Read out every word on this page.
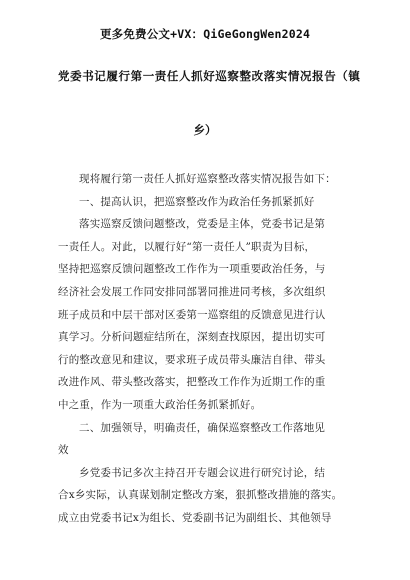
更多免费公文+VX：QiGeGongWen2024
党委书记履行第一责任人抓好巡察整改落实情况报告（镇
乡）
现将履行第一责任人抓好巡察整改落实情况报告如下：
一、提高认识，把巡察整改作为政治任务抓紧抓好
落实巡察反馈问题整改，党委是主体，党委书记是第
一责任人。对此，以履行好“第一责任人”职责为目标，
坚持把巡察反馈问题整改工作作为一项重要政治任务，与
经济社会发展工作同安排同部署同推进同考核，多次组织
班子成员和中层干部对区委第一巡察组的反馈意见进行认
真学习。分析问题症结所在，深刻查找原因，提出切实可
行的整改意见和建议，要求班子成员带头廉洁自律、带头
改进作风、带头整改落实，把整改工作作为近期工作的重
中之重，作为一项重大政治任务抓紧抓好。
二、加强领导，明确责任，确保巡察整改工作落地见
效
乡党委书记多次主持召开专题会议进行研究讨论，结
合x乡实际，认真谋划制定整改方案，狠抓整改措施的落实。
成立由党委书记x为组长、党委副书记为副组长、其他领导
